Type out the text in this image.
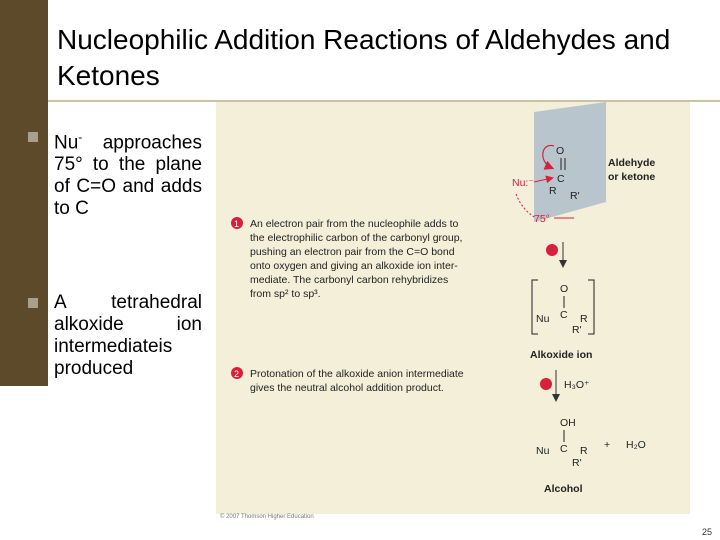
Nucleophilic Addition Reactions of Aldehydes and Ketones
Nu- approaches 75° to the plane of C=O and adds to C
A tetrahedral alkoxide ion intermediateis produced
O
C
R R'
Aldehyde
or ketone
Nu:⁻
75°
1 An electron pair from the nucleophile adds to
the electrophilic carbon of the carbonyl group,
pushing an electron pair from the C=O bond
onto oxygen and giving an alkoxide ion inter-
mediate. The carbonyl carbon rehybridizes
from sp² to sp³.	O
C
Nu	R
R'
Alkoxide ion
2 Protonation of the alkoxide anion intermediate
gives the neutral alcohol addition product.	H₃O⁺
OH
C
Nu	R
R'
+ H₂O
Alcohol
© 2007 Thomson Higher Education
25
